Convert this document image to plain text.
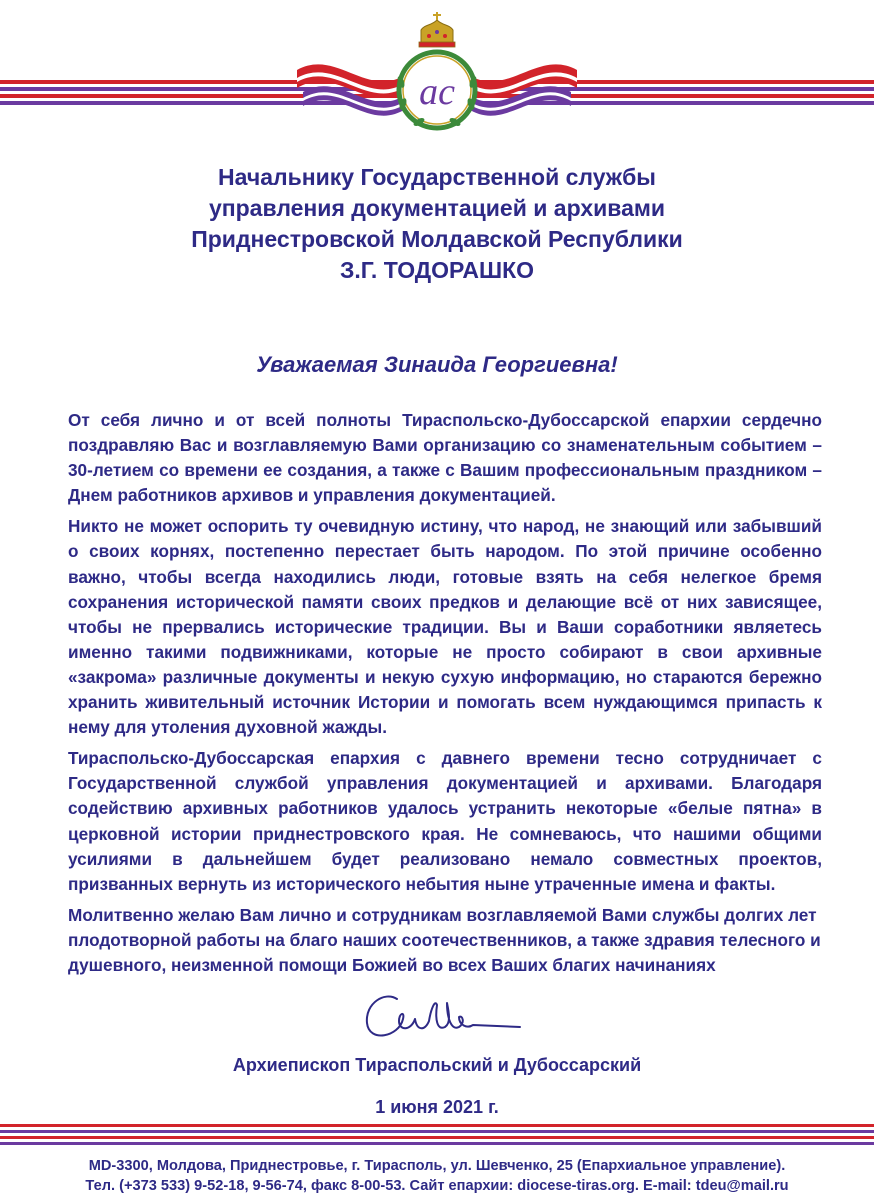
ас
Начальнику Государственной службы
управления документацией и архивами
Приднестровской Молдавской Республики
З.Г. ТОДОРАШКО
Уважаемая Зинаида Георгиевна!

От себя лично и от всей полноты Тираспольско-Дубоссарской епархии сердечно поздравляю Вас и возглавляемую Вами организацию со знаменательным событием – 30-летием со времени ее создания, а также с Вашим профессиональным праздником – Днем работников архивов и управления документацией.

Никто не может оспорить ту очевидную истину, что народ, не знающий или забывший о своих корнях, постепенно перестает быть народом. По этой причине особенно важно, чтобы всегда находились люди, готовые взять на себя нелегкое бремя сохранения исторической памяти своих предков и делающие всё от них зависящее, чтобы не прервались исторические традиции. Вы и Ваши соработники являетесь именно такими подвижниками, которые не просто собирают в свои архивные «закрома» различные документы и некую сухую информацию, но стараются бережно хранить живительный источник Истории и помогать всем нуждающимся припасть к нему для утоления духовной жажды.

Тираспольско-Дубоссарская епархия с давнего времени тесно сотрудничает с Государственной службой управления документацией и архивами. Благодаря содействию архивных работников удалось устранить некоторые «белые пятна» в церковной истории приднестровского края. Не сомневаюсь, что нашими общими усилиями в дальнейшем будет реализовано немало совместных проектов, призванных вернуть из исторического небытия ныне утраченные имена и факты.

Молитвенно желаю Вам лично и сотрудникам возглавляемой Вами службы долгих лет плодотворной работы на благо наших соотечественников, а также здравия телесного и душевного, неизменной помощи Божией во всех Ваших благих начинаниях

Архиепископ Тираспольский и Дубоссарский
1 июня 2021 г.
MD-3300, Молдова, Приднестровье, г. Тирасполь, ул. Шевченко, 25 (Епархиальное управление).
Тел. (+373 533) 9-52-18, 9-56-74, факс 8-00-53. Сайт епархии: diocese-tiras.org. E-mail: tdeu@mail.ru
